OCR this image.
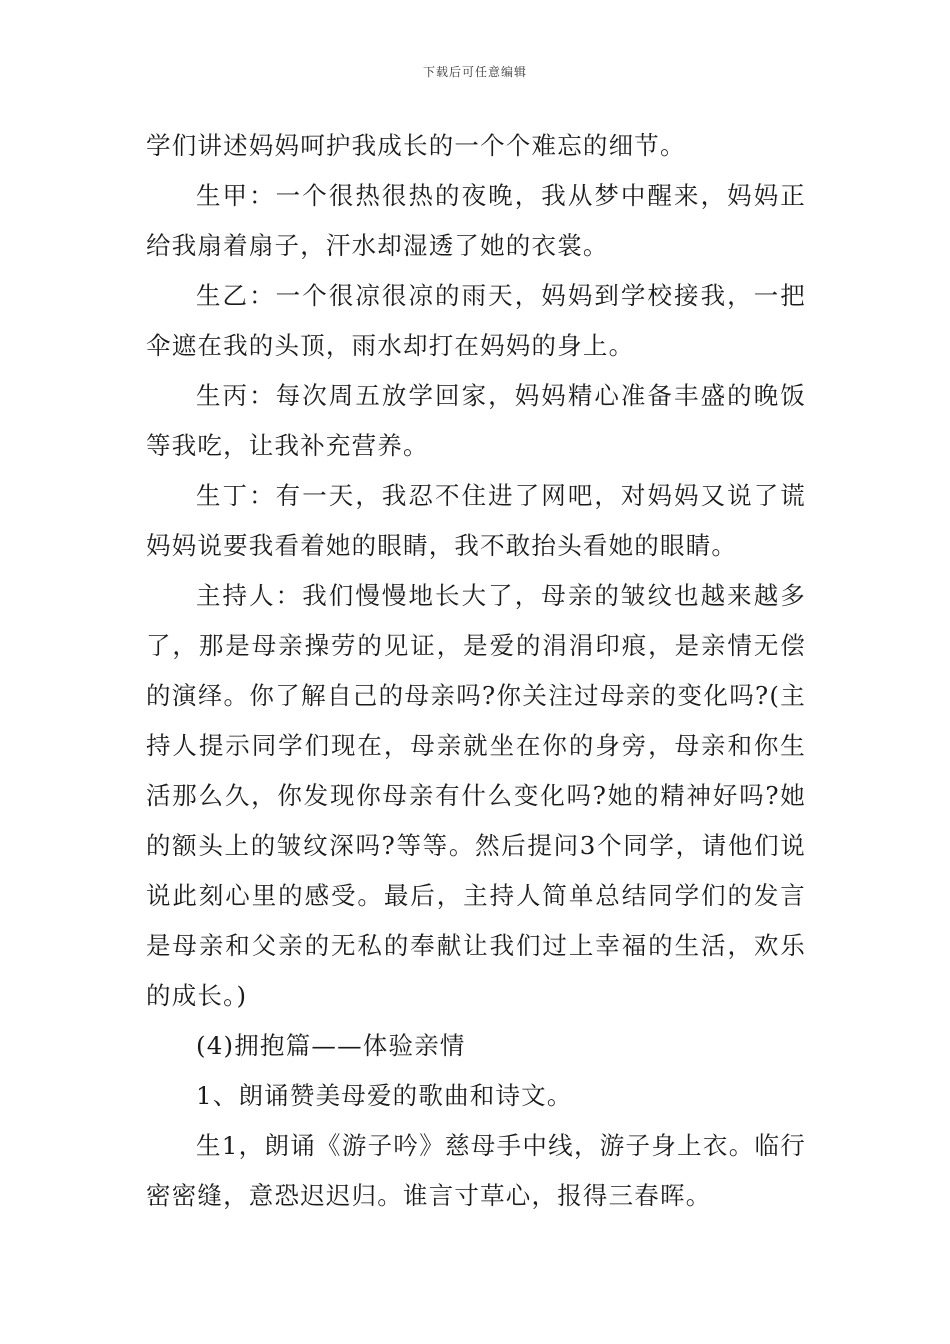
下载后可任意编辑

学们讲述妈妈呵护我成长的一个个难忘的细节。

生甲：一个很热很热的夜晚，我从梦中醒来，妈妈正给我扇着扇子，汗水却湿透了她的衣裳。

生乙：一个很凉很凉的雨天，妈妈到学校接我，一把伞遮在我的头顶，雨水却打在妈妈的身上。

生丙：每次周五放学回家，妈妈精心准备丰盛的晚饭等我吃，让我补充营养。

生丁：有一天，我忍不住进了网吧，对妈妈又说了谎妈妈说要我看着她的眼睛，我不敢抬头看她的眼睛。

主持人：我们慢慢地长大了，母亲的皱纹也越来越多了，那是母亲操劳的见证，是爱的涓涓印痕，是亲情无偿的演绎。你了解自己的母亲吗?你关注过母亲的变化吗?(主持人提示同学们现在，母亲就坐在你的身旁，母亲和你生活那么久，你发现你母亲有什么变化吗?她的精神好吗?她的额头上的皱纹深吗?等等。然后提问3个同学，请他们说说此刻心里的感受。最后，主持人简单总结同学们的发言是母亲和父亲的无私的奉献让我们过上幸福的生活，欢乐的成长。)

(4)拥抱篇——体验亲情

1、朗诵赞美母爱的歌曲和诗文。

生1，朗诵《游子吟》慈母手中线，游子身上衣。临行密密缝，意恐迟迟归。谁言寸草心，报得三春晖。
